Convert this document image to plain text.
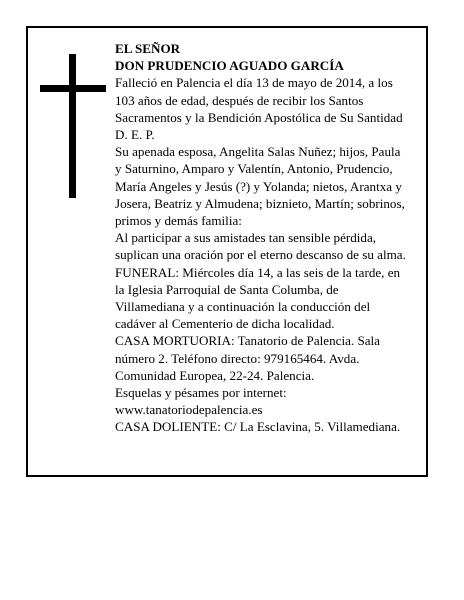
EL SEÑOR

DON PRUDENCIO AGUADO GARCÍA

Falleció en Palencia el día 13 de mayo de 2014, a los

103 años de edad, después de recibir los Santos

Sacramentos y la Bendición Apostólica de Su Santidad

D. E. P.

Su apenada esposa, Angelita Salas Nuñez; hijos, Paula

y Saturnino, Amparo y Valentín, Antonio, Prudencio,

María Angeles y Jesús (?) y Yolanda; nietos, Arantxa y

Josera, Beatriz y Almudena; biznieto, Martín; sobrinos,

primos y demás familia:

Al participar a sus amistades tan sensible pérdida,

suplican una oración por el eterno descanso de su alma.

FUNERAL: Miércoles día 14, a las seis de la tarde, en

la Iglesia Parroquial de Santa Columba, de

Villamediana y a continuación la conducción del

cadáver al Cementerio de dicha localidad.

CASA MORTUORIA: Tanatorio de Palencia. Sala

número 2. Teléfono directo: 979165464. Avda.

Comunidad Europea, 22-24. Palencia.

Esquelas y pésames por internet:

www.tanatoriodepalencia.es

CASA DOLIENTE: C/ La Esclavina, 5. Villamediana.
